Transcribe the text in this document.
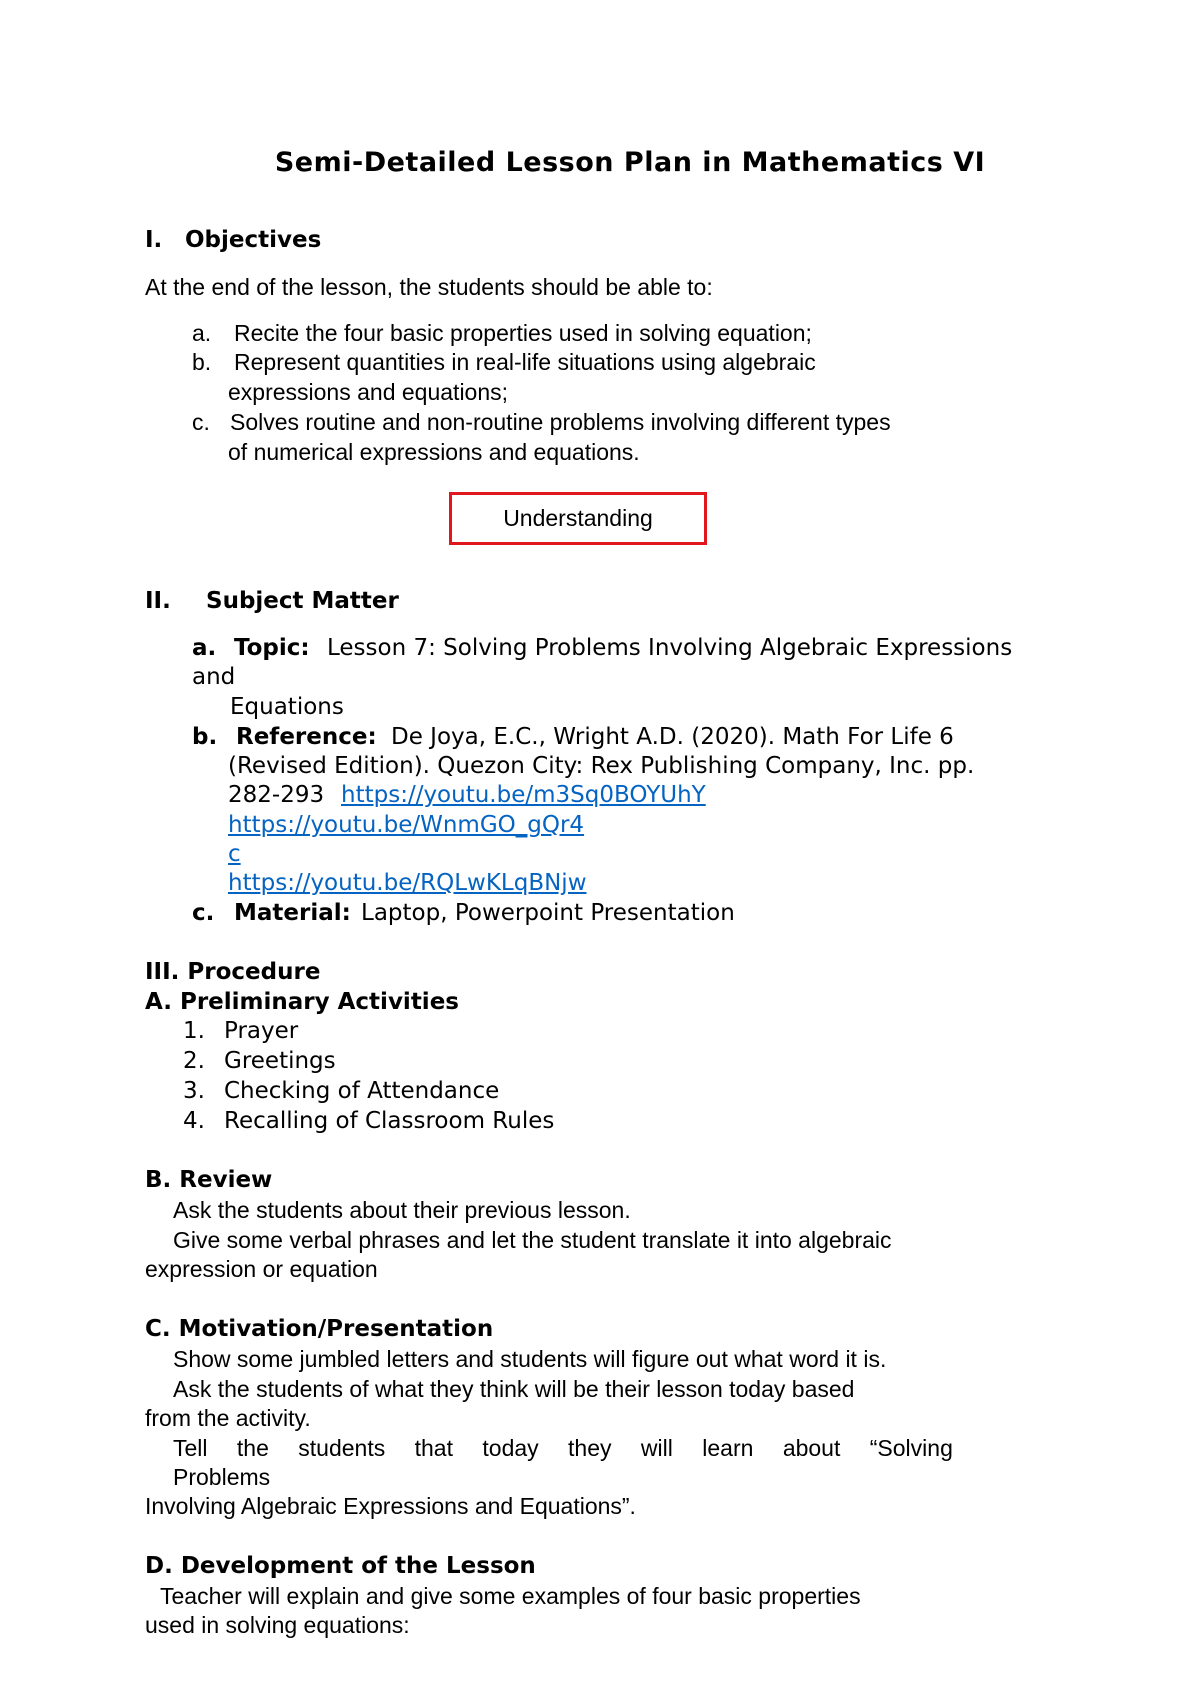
Semi-Detailed Lesson Plan in Mathematics VI
I. Objectives
At the end of the lesson, the students should be able to:
a. Recite the four basic properties used in solving equation;
b. Represent quantities in real-life situations using algebraic
expressions and equations;
c. Solves routine and non-routine problems involving different types
of numerical expressions and equations.
Understanding
II. Subject Matter
a. Topic: Lesson 7: Solving Problems Involving Algebraic Expressions
and
Equations
b. Reference: De Joya, E.C., Wright A.D. (2020). Math For Life 6
(Revised Edition). Quezon City: Rex Publishing Company, Inc. pp.
282-293 https://youtu.be/m3Sq0BOYUhY
https://youtu.be/WnmGO_gQr4
c
https://youtu.be/RQLwKLqBNjw
c. Material: Laptop, Powerpoint Presentation
III. Procedure
A. Preliminary Activities
1. Prayer
2. Greetings
3. Checking of Attendance
4. Recalling of Classroom Rules
B. Review
Ask the students about their previous lesson.
Give some verbal phrases and let the student translate it into algebraic
expression or equation
C. Motivation/Presentation
Show some jumbled letters and students will figure out what word it is.
Ask the students of what they think will be their lesson today based
from the activity.
Tell the students that today they will learn about “Solving
Problems
Involving Algebraic Expressions and Equations”.
D. Development of the Lesson
Teacher will explain and give some examples of four basic properties
used in solving equations:
